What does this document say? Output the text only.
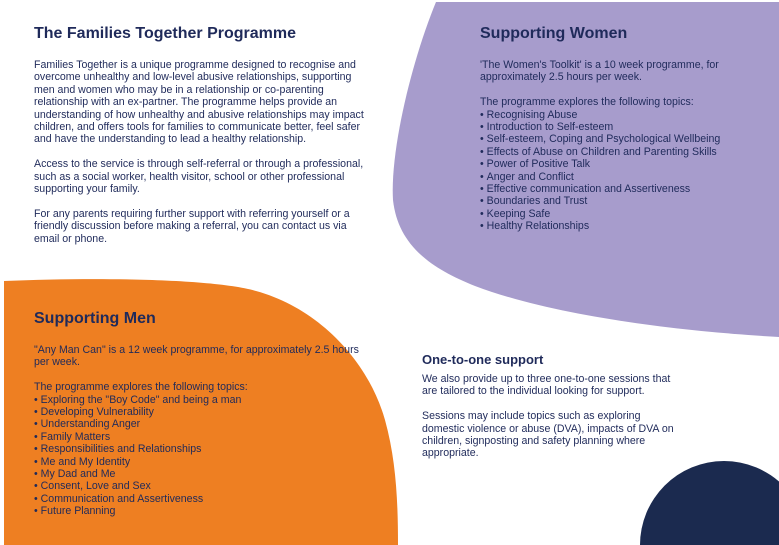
The Families Together Programme

Families Together is a unique programme designed to recognise and overcome unhealthy and low-level abusive relationships, supporting men and women who may be in a relationship or co-parenting relationship with an ex-partner. The programme helps provide an understanding of how unhealthy and abusive relationships may impact children, and offers tools for families to communicate better, feel safer and have the understanding to lead a healthy relationship.

Access to the service is through self-referral or through a professional, such as a social worker, health visitor, school or other professional supporting your family.

For any parents requiring further support with referring yourself or a friendly discussion before making a referral, you can contact us via email or phone.

Supporting Women

'The Women's Toolkit' is a 10 week programme, for approximately 2.5 hours per week.

The programme explores the following topics:
• Recognising Abuse
• Introduction to Self-esteem
• Self-esteem, Coping and Psychological Wellbeing
• Effects of Abuse on Children and Parenting Skills
• Power of Positive Talk
• Anger and Conflict
• Effective communication and Assertiveness
• Boundaries and Trust
• Keeping Safe
• Healthy Relationships
Supporting Men

"Any Man Can" is a 12 week programme, for approximately 2.5 hours per week.

The programme explores the following topics:
• Exploring the "Boy Code" and being a man
• Developing Vulnerability
• Understanding Anger
• Family Matters
• Responsibilities and Relationships
• Me and My Identity
• My Dad and Me
• Consent, Love and Sex
• Communication and Assertiveness
• Future Planning
One-to-one support

We also provide up to three one-to-one sessions that are tailored to the individual looking for support.

Sessions may include topics such as exploring domestic violence or abuse (DVA), impacts of DVA on children, signposting and safety planning where appropriate.
